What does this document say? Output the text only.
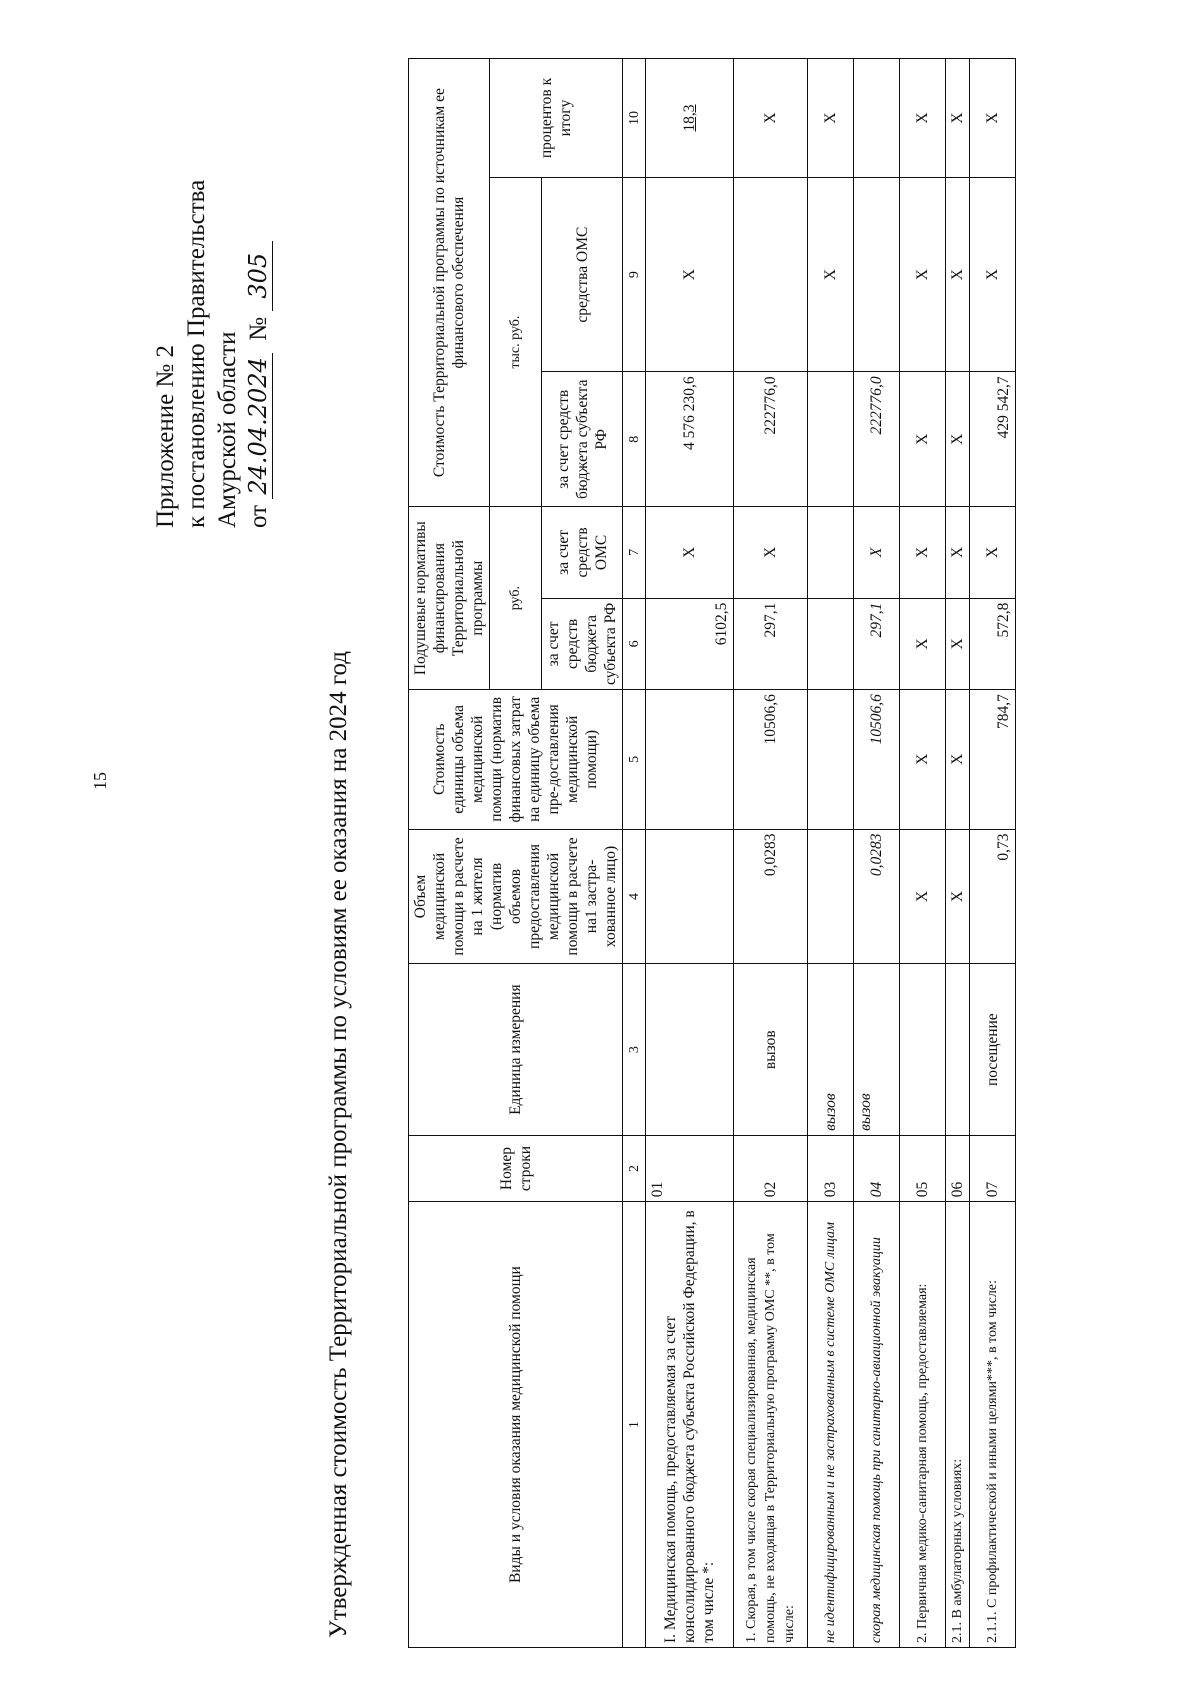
15
Приложение № 2 к постановлению Правительства Амурской области от 24.04.2024  № 305
Утвержденная стоимость Территориальной программы по условиям ее оказания на 2024 год	Виды и условия оказания медицинской помощи	Номер строки	Единица измерения	Объем медицинской помощи в расчете на 1 жителя (норматив объемов предоставления медицинской помощи в расчете на1 застра-хованное лицо)	Стоимость единицы объема медицинской помощи (норматив финансовых затрат на единицу объема пре-доставления медицинской помощи)	Подушевые нормативы финансирования Территориальной программы		Стоимость Территориальной программы по источникам ее финансового обеспечения		
					руб.		тыс. руб.		процентов к итогу
					за счет средств бюджета субъекта РФ	за счет средств ОМС	за счет средств бюджета субъекта РФ	средства ОМС	
1	2	3	4	5	6	7	8	9	10
I. Медицинская помощь, предоставляемая за счет консолидированного бюджета субъекта Российской Федерации, в том числе *:	01				6102,5	X	4 576 230,6	X	18,3
1. Скорая, в том числе скорая специализированная, медицинская помощь, не входящая в Территориальную программу ОМС **, в том числе:	02	вызов	0,0283	10506,6	297,1	X	222776,0		X
не идентифицированным и не застрахованным в системе ОМС лицам	03	вызов						X	X
скорая медицинская помощь при санитарно-авиационной эвакуации	04	вызов	0,0283	10506,6	297,1	X	222776,0		
2. Первичная медико-санитарная помощь, предоставляемая:	05		X	X	X	X	X	X	X
2.1. В амбулаторных условиях:	06		X	X	X	X	X	X	X
2.1.1. С профилактической и иными целями***, в том числе:	07	посещение	0,73	784,7	572,8	X	429 542,7	X	X
